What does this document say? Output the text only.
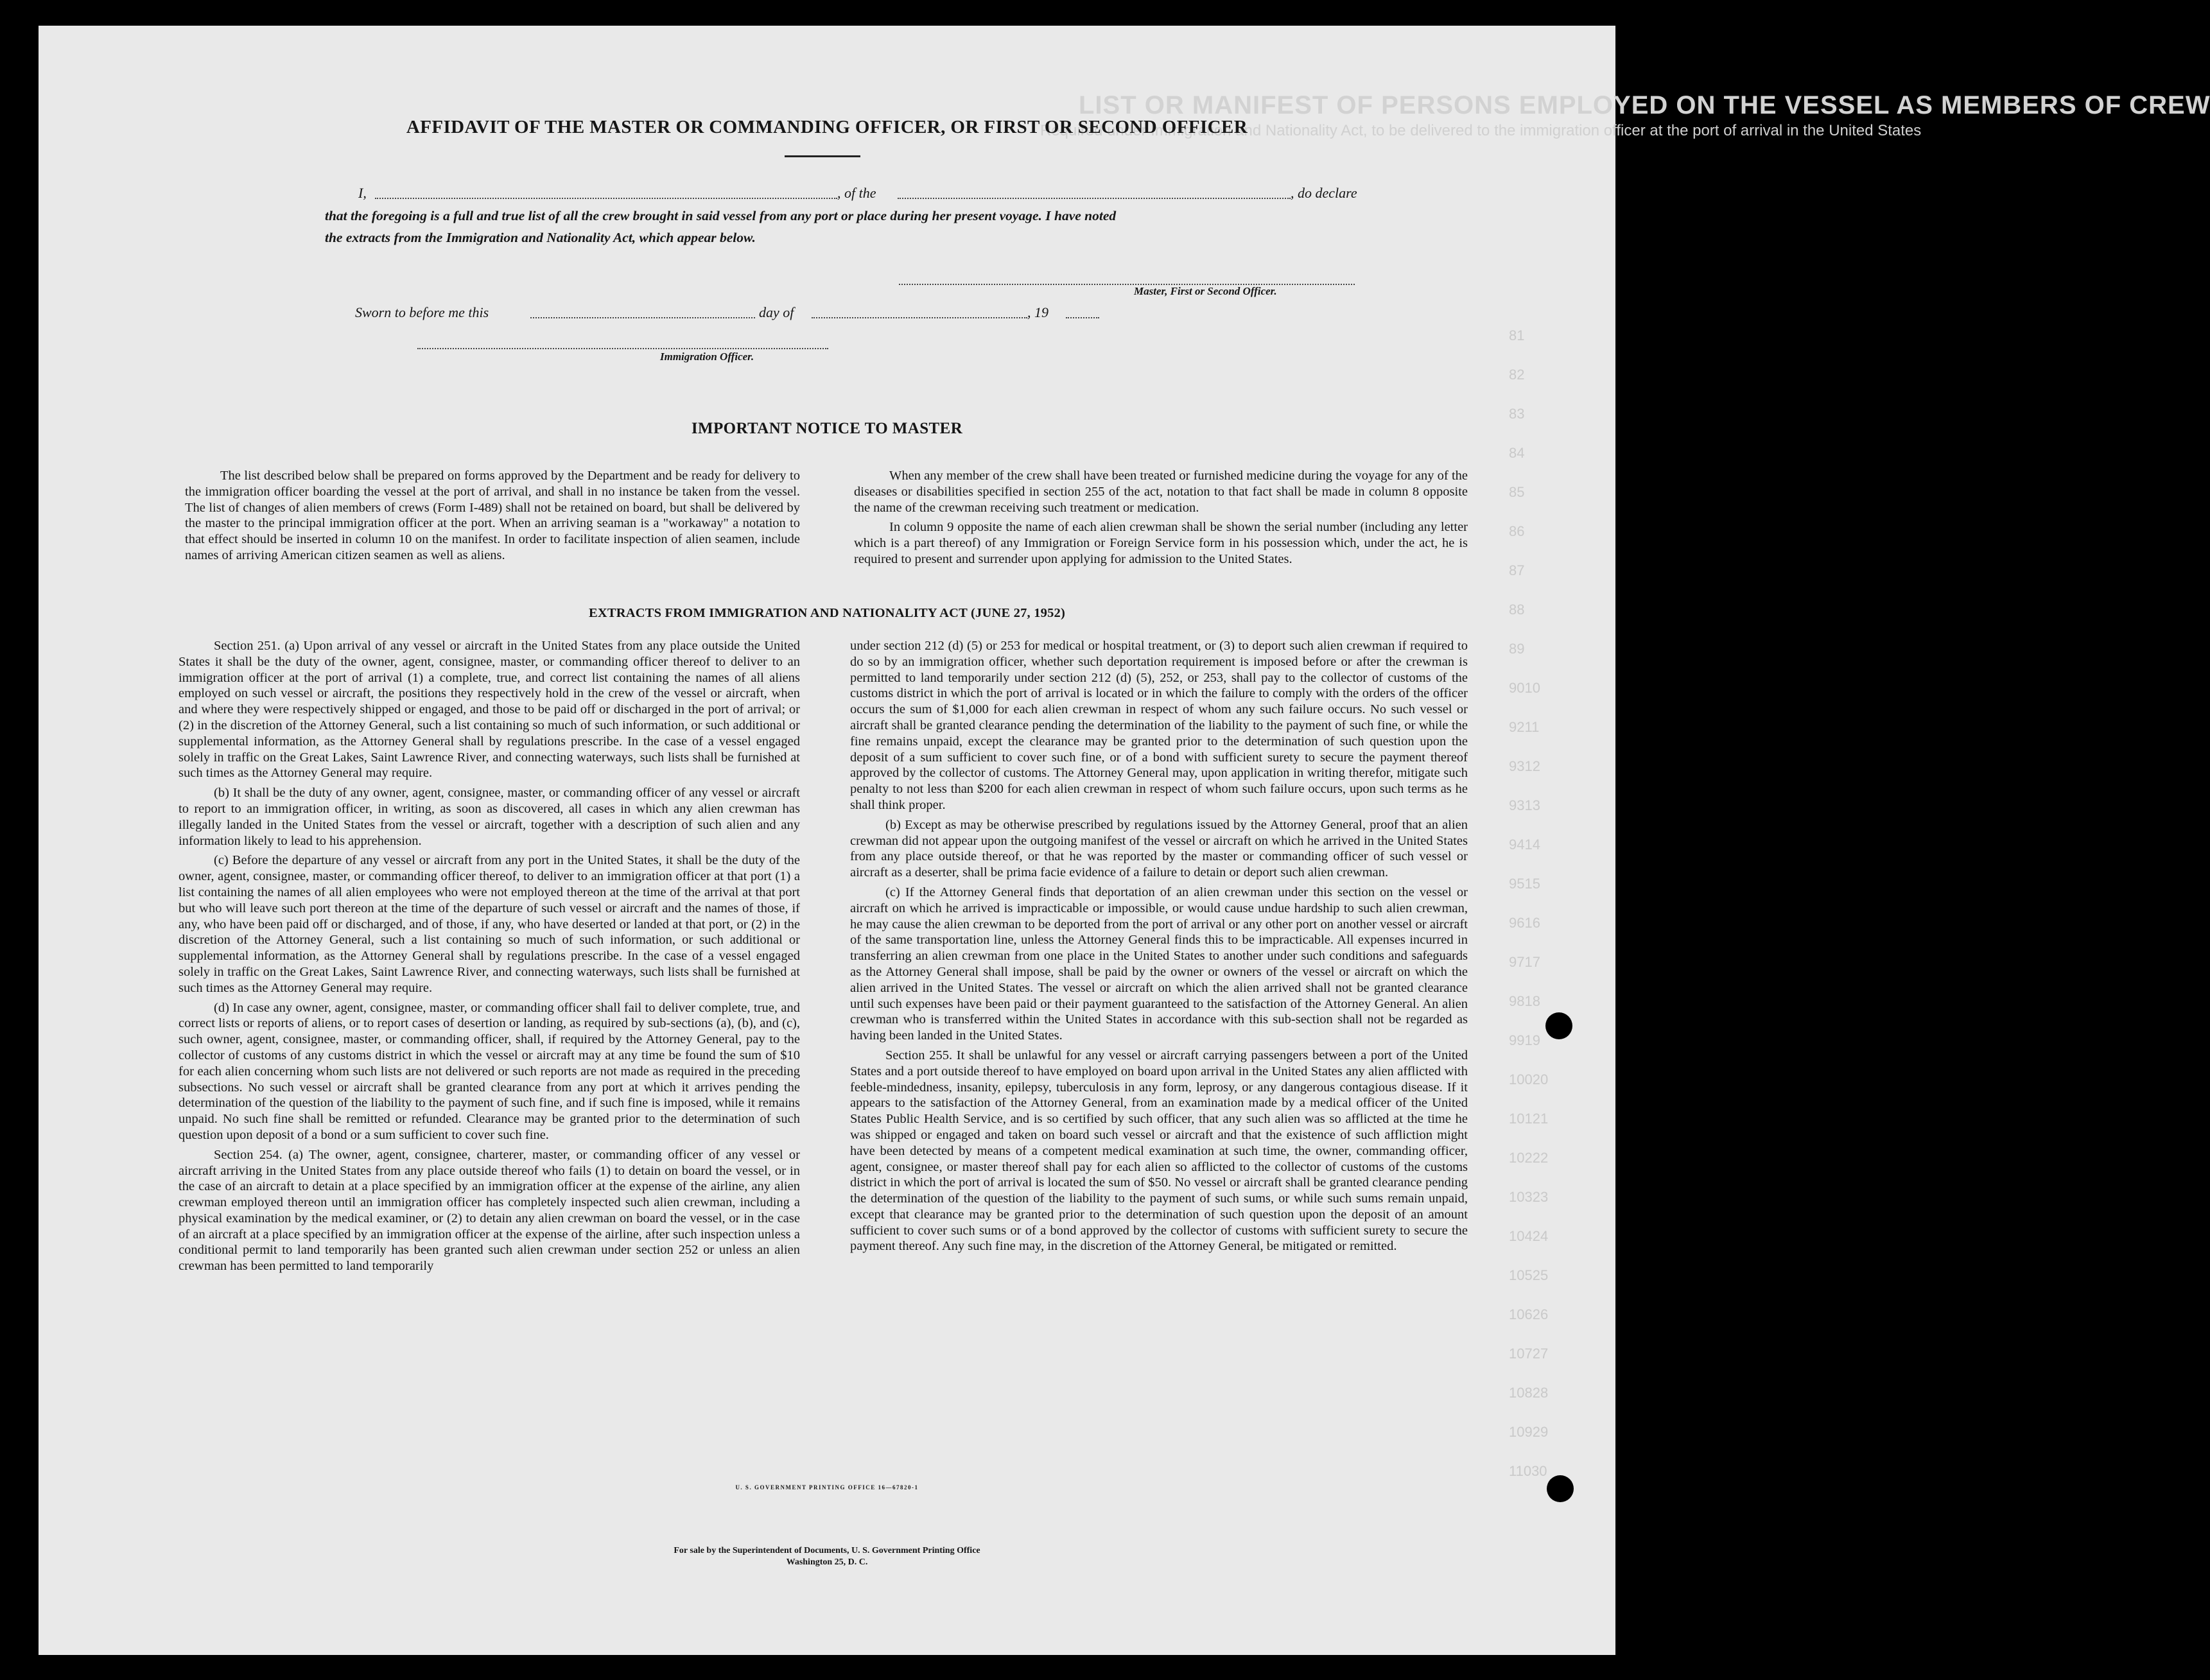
LIST OR MANIFEST OF PERSONS EMPLOYED ON THE VESSEL AS MEMBERS OF CREW
Required under Immigration and Nationality Act, to be delivered to the immigration officer at the port of arrival in the United States
81
82
83
84
85
86
87
88
89
9010
9211
9312
9313
9414
9515
9616
9717
9818
9919
10020
10121
10222
10323
10424
10525
10626
10727
10828
10929
11030
AFFIDAVIT OF THE MASTER OR COMMANDING OFFICER, OR FIRST OR SECOND OFFICER
I,	, of the	, do declare
that the foregoing is a full and true list of all the crew brought in said vessel from any port or place during her present voyage. I have noted
the extracts from the Immigration and Nationality Act, which appear below.
Master, First or Second Officer.
Sworn to before me this	day of	, 19
Immigration Officer.
IMPORTANT NOTICE TO MASTER

The list described below shall be prepared on forms approved by the Department and be ready for delivery to the immigration officer boarding the vessel at the port of arrival, and shall in no instance be taken from the vessel. The list of changes of alien members of crews (Form I-489) shall not be retained on board, but shall be delivered by the master to the principal immigration officer at the port. When an arriving seaman is a "workaway" a notation to that effect should be inserted in column 10 on the manifest. In order to facilitate inspection of alien seamen, include names of arriving American citizen seamen as well as aliens.

When any member of the crew shall have been treated or furnished medicine during the voyage for any of the diseases or disabilities specified in section 255 of the act, notation to that fact shall be made in column 8 opposite the name of the crewman receiving such treatment or medication.

In column 9 opposite the name of each alien crewman shall be shown the serial number (including any letter which is a part thereof) of any Immigration or Foreign Service form in his possession which, under the act, he is required to present and surrender upon applying for admission to the United States.

EXTRACTS FROM IMMIGRATION AND NATIONALITY ACT (JUNE 27, 1952)

Section 251. (a) Upon arrival of any vessel or aircraft in the United States from any place outside the United States it shall be the duty of the owner, agent, consignee, master, or commanding officer thereof to deliver to an immigration officer at the port of arrival (1) a complete, true, and correct list containing the names of all aliens employed on such vessel or aircraft, the positions they respectively hold in the crew of the vessel or aircraft, when and where they were respectively shipped or engaged, and those to be paid off or discharged in the port of arrival; or (2) in the discretion of the Attorney General, such a list containing so much of such information, or such additional or supplemental information, as the Attorney General shall by regulations prescribe. In the case of a vessel engaged solely in traffic on the Great Lakes, Saint Lawrence River, and connecting waterways, such lists shall be furnished at such times as the Attorney General may require.

(b) It shall be the duty of any owner, agent, consignee, master, or commanding officer of any vessel or aircraft to report to an immigration officer, in writing, as soon as discovered, all cases in which any alien crewman has illegally landed in the United States from the vessel or aircraft, together with a description of such alien and any information likely to lead to his apprehension.

(c) Before the departure of any vessel or aircraft from any port in the United States, it shall be the duty of the owner, agent, consignee, master, or commanding officer thereof, to deliver to an immigration officer at that port (1) a list containing the names of all alien employees who were not employed thereon at the time of the arrival at that port but who will leave such port thereon at the time of the departure of such vessel or aircraft and the names of those, if any, who have been paid off or discharged, and of those, if any, who have deserted or landed at that port, or (2) in the discretion of the Attorney General, such a list containing so much of such information, or such additional or supplemental information, as the Attorney General shall by regulations prescribe. In the case of a vessel engaged solely in traffic on the Great Lakes, Saint Lawrence River, and connecting waterways, such lists shall be furnished at such times as the Attorney General may require.

(d) In case any owner, agent, consignee, master, or commanding officer shall fail to deliver complete, true, and correct lists or reports of aliens, or to report cases of desertion or landing, as required by sub-sections (a), (b), and (c), such owner, agent, consignee, master, or commanding officer, shall, if required by the Attorney General, pay to the collector of customs of any customs district in which the vessel or aircraft may at any time be found the sum of $10 for each alien concerning whom such lists are not delivered or such reports are not made as required in the preceding subsections. No such vessel or aircraft shall be granted clearance from any port at which it arrives pending the determination of the question of the liability to the payment of such fine, and if such fine is imposed, while it remains unpaid. No such fine shall be remitted or refunded. Clearance may be granted prior to the determination of such question upon deposit of a bond or a sum sufficient to cover such fine.

Section 254. (a) The owner, agent, consignee, charterer, master, or commanding officer of any vessel or aircraft arriving in the United States from any place outside thereof who fails (1) to detain on board the vessel, or in the case of an aircraft to detain at a place specified by an immigration officer at the expense of the airline, any alien crewman employed thereon until an immigration officer has completely inspected such alien crewman, including a physical examination by the medical examiner, or (2) to detain any alien crewman on board the vessel, or in the case of an aircraft at a place specified by an immigration officer at the expense of the airline, after such inspection unless a conditional permit to land temporarily has been granted such alien crewman under section 252 or unless an alien crewman has been permitted to land temporarily

under section 212 (d) (5) or 253 for medical or hospital treatment, or (3) to deport such alien crewman if required to do so by an immigration officer, whether such deportation requirement is imposed before or after the crewman is permitted to land temporarily under section 212 (d) (5), 252, or 253, shall pay to the collector of customs of the customs district in which the port of arrival is located or in which the failure to comply with the orders of the officer occurs the sum of $1,000 for each alien crewman in respect of whom any such failure occurs. No such vessel or aircraft shall be granted clearance pending the determination of the liability to the payment of such fine, or while the fine remains unpaid, except the clearance may be granted prior to the determination of such question upon the deposit of a sum sufficient to cover such fine, or of a bond with sufficient surety to secure the payment thereof approved by the collector of customs. The Attorney General may, upon application in writing therefor, mitigate such penalty to not less than $200 for each alien crewman in respect of whom such failure occurs, upon such terms as he shall think proper.

(b) Except as may be otherwise prescribed by regulations issued by the Attorney General, proof that an alien crewman did not appear upon the outgoing manifest of the vessel or aircraft on which he arrived in the United States from any place outside thereof, or that he was reported by the master or commanding officer of such vessel or aircraft as a deserter, shall be prima facie evidence of a failure to detain or deport such alien crewman.

(c) If the Attorney General finds that deportation of an alien crewman under this section on the vessel or aircraft on which he arrived is impracticable or impossible, or would cause undue hardship to such alien crewman, he may cause the alien crewman to be deported from the port of arrival or any other port on another vessel or aircraft of the same transportation line, unless the Attorney General finds this to be impracticable. All expenses incurred in transferring an alien crewman from one place in the United States to another under such conditions and safeguards as the Attorney General shall impose, shall be paid by the owner or owners of the vessel or aircraft on which the alien arrived in the United States. The vessel or aircraft on which the alien arrived shall not be granted clearance until such expenses have been paid or their payment guaranteed to the satisfaction of the Attorney General. An alien crewman who is transferred within the United States in accordance with this sub-section shall not be regarded as having been landed in the United States.

Section 255. It shall be unlawful for any vessel or aircraft carrying passengers between a port of the United States and a port outside thereof to have employed on board upon arrival in the United States any alien afflicted with feeble-mindedness, insanity, epilepsy, tuberculosis in any form, leprosy, or any dangerous contagious disease. If it appears to the satisfaction of the Attorney General, from an examination made by a medical officer of the United States Public Health Service, and is so certified by such officer, that any such alien was so afflicted at the time he was shipped or engaged and taken on board such vessel or aircraft and that the existence of such affliction might have been detected by means of a competent medical examination at such time, the owner, commanding officer, agent, consignee, or master thereof shall pay for each alien so afflicted to the collector of customs of the customs district in which the port of arrival is located the sum of $50. No vessel or aircraft shall be granted clearance pending the determination of the question of the liability to the payment of such sums, or while such sums remain unpaid, except that clearance may be granted prior to the determination of such question upon the deposit of an amount sufficient to cover such sums or of a bond approved by the collector of customs with sufficient surety to secure the payment thereof. Any such fine may, in the discretion of the Attorney General, be mitigated or remitted.

U. S. GOVERNMENT PRINTING OFFICE 16—67820-1
For sale by the Superintendent of Documents, U. S. Government Printing Office
Washington 25, D. C.
